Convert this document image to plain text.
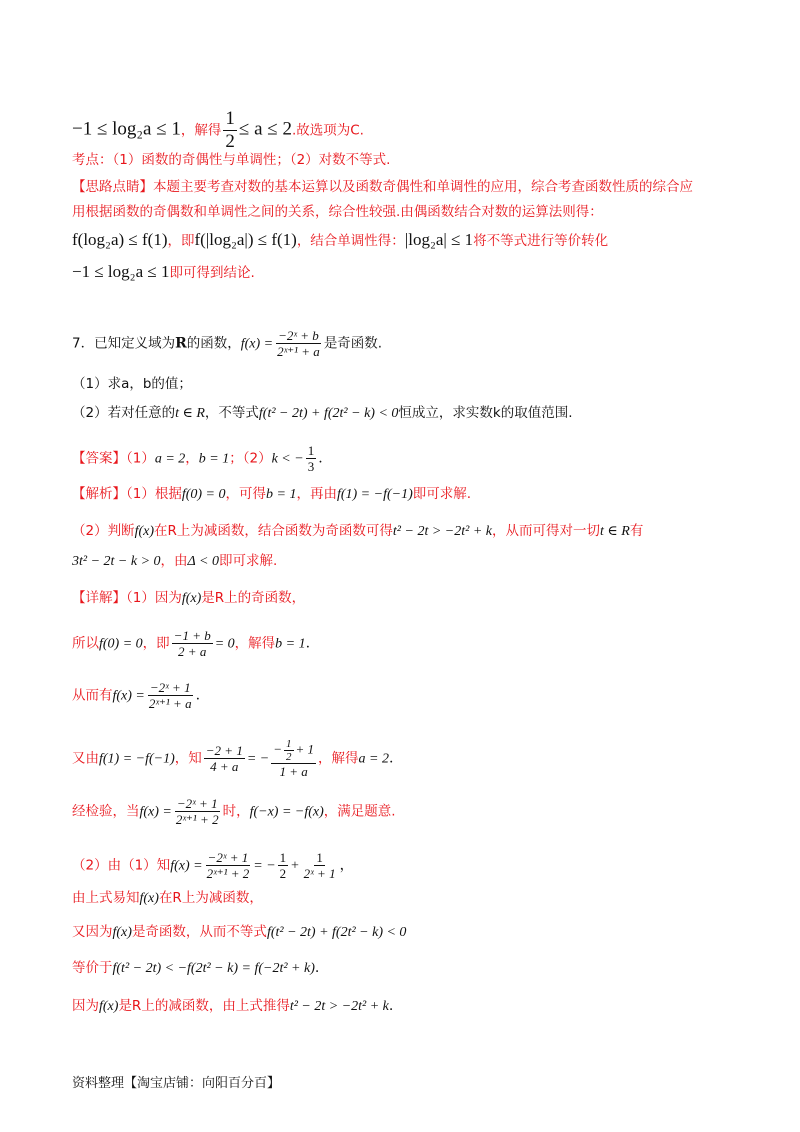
−1 ≤ log₂a ≤ 1，解得 $\frac{1}{2} \le a \le 2$.故选项为C.
考点：（1）函数的奇偶性与单调性；（2）对数不等式.
【思路点睛】本题主要考查对数的基本运算以及函数奇偶性和单调性的应用，综合考查函数性质的综合应
用根据函数的奇偶数和单调性之间的关系，综合性较强.由偶函数结合对数的运算法则得：
f(log₂a) ≤ f(1)，即f(|log₂a|) ≤ f(1)，结合单调性得：|log₂a| ≤ 1将不等式进行等价转化
−1 ≤ log₂a ≤ 1即可得到结论.
7．已知定义域为R的函数，$f(x) = \frac{\text{−2ˣ + b}}{\text{2ˣ⁺¹ + a}}$ 是奇函数.
（1）求a，b的值；
（2）若对任意的t ∈ R，不等式f(t² − 2t) + f(2t² − k) < 0恒成立，求实数k的取值范围.
【答案】（1）a = 2，b = 1；（2）k < − $\frac{1}{3}$ .
【解析】（1）根据f(0) = 0，可得b = 1，再由f(1) = −f(−1)即可求解.
（2）判断f(x)在R上为减函数，结合函数为奇函数可得t² − 2t > −2t² + k，从而可得对一切t ∈ R有
3t² − 2t − k > 0，由Δ < 0即可求解.
【详解】（1）因为f(x)是R上的奇函数，
所以f(0) = 0，即 $\frac{-1 + b}{2 + a} = 0$，解得b = 1.
从而有$f(x) = \frac{\text{−2ˣ + 1}}{\text{2ˣ⁺¹ + a}}$ .
又由f(1) = −f(−1)，知 $\frac{-2 + 1}{4 + a}$ = − $\frac{- \frac{1}{2} + 1}{1 + a}$ ，解得a = 2.
经检验，当$f(x) = \frac{\text{−2ˣ + 1}}{\text{2ˣ⁺¹ + 2}}$ 时，f(−x) = −f(x)，满足题意.
（2）由（1）知$f(x) = \frac{\text{−2ˣ + 1}}{\text{2ˣ⁺¹ + 2}}$ = − $\frac{1}{2} + \frac{1}{\text{2ˣ + 1}}$ ，
由上式易知f(x)在R上为减函数，
又因为f(x)是奇函数，从而不等式f(t² − 2t) + f(2t² − k) < 0
等价于f(t² − 2t) < −f(2t² − k) = f(−2t² + k).
因为f(x)是R上的减函数，由上式推得t² − 2t > −2t² + k.
资料整理【淘宝店铺：向阳百分百】
